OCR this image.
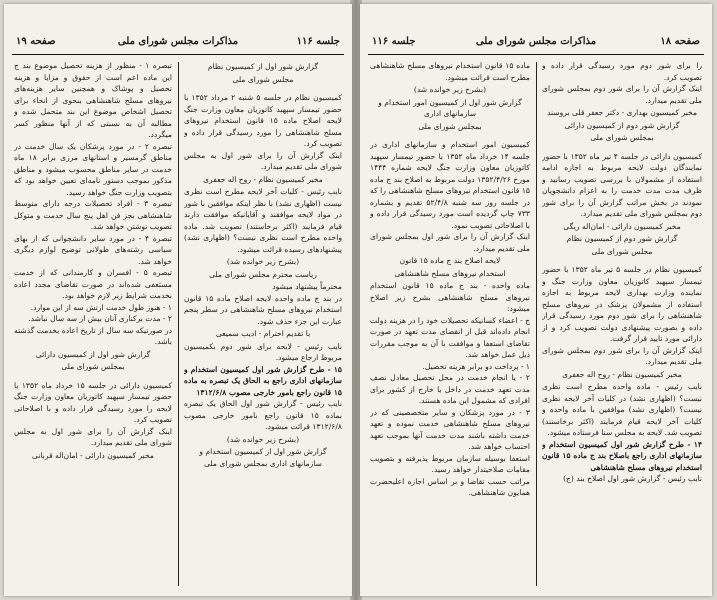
صفحه ۱۹	مذاکرات مجلس شورای ملی	جلسه ۱۱۶

گزارش شور اول از کمیسیون نظام

مجلس شورای ملی

کمیسیون نظام در جلسه ۵ شنبه ۲ مرداد ۱۳۵۲ با حضور تیمسار سپهبد کاتوزیان معاون وزارت جنگ لایحه اصلاح ماده ۱۵ قانون استخدام نیروهای مسلح شاهنشاهی را مورد رسیدگی قرار داده و تصویب کرد.

اینک گزارش آن را برای شور اول به مجلس شورای ملی تقدیم میدارد.

مخبر کمیسیون نظام - روح اله جعفری

نایب رئیس - کلیات آخر لایحه مطرح است نظری نیست (اظهاری نشد) با نظر اینکه موافقین با شور در مواد لایحه موافقند و آقایانیکه موافقت دارند قیام فرمایند (اکثر برخاستند) تصویب شد. ماده واحده مطرح است نظری نیست؟ (اظهاری نشد) پیشنهادهای رسیده قرائت میشود.

(بشرح زیر خوانده شد)

ریاست محترم مجلس شورای ملی

محترماً پیشنهاد میشود

در بند ج ماده واحده لایحه اصلاح ماده ۱۵ قانون استخدام نیروهای مسلح شاهنشاهی در سطر پنجم عبارت این جزء حذف شود.

با تقدیم احترام - ادیب سمیعی

نایب رئیس - لایحه برای شور دوم بکمیسیون مربوط ارجاع میشود.

۱۵ - طرح گزارش شور اول کمیسیون استخدام و سازمانهای اداری راجع به الحاق یک تبصره به ماده ۱۵ قانون راجع بامور خارجی مصوب ۱۳۱۲/۶/۸

نایب رئیس - گزارش شور اول الحاق یک تبصره بماده ۱۵ قانون راجع بامور خارجی مصوب ۱۳۱۲/۶/۸ قرائت میشود.

(بشرح زیر خوانده شد)

گزارش شور اول از کمیسیون استخدام و سازمانهای اداری بمجلس شورای ملی

تبصره ۱ - منظور از هزینه تحصیل موضوع بند ج این ماده اعم است از حقوق و مزایا و هزینه تحصیل و پوشاک و همچنین سایر هزینه‌های نیروهای مسلح شاهنشاهی بنحوی از انحاء برای تحصیل اشخاص موضوع این بند متحمل شده و مطالبه آن به نسبتی که از آنها منظور کسر میگردد.

تبصره ۲ - در مورد پزشکان یک سال خدمت در مناطق گرمسیر و استانهای مرزی برابر ۱۸ ماه خدمت در سایر مناطق محسوب میشود و مناطق مذکور بموجب دستور نامه‌ای تعیین خواهد بود که بتصویب وزارت جنگ خواهد رسید.

تبصره ۳ - افراد تحصیلات درجه دارای متوسط شاهنشاهی بجز فن اهل پنج سال خدمت و متوکل تصویب نوشتن خواهد شد.

تبصره ۴ - در مورد سایر دانشجوانی که از بهای سیاسی رشته‌های طولانی توضیح لوازم دیگری خواهد شد.

تبصره ۵ - افسران و کارمندانی که از خدمت مستعفی شده‌اند در صورت تقاضای مجدد اعاده بخدمت شرایط زیر لازم خواهد بود.

۱ - هنوز طول خدمت ارتش سه از این موارد.

۲ - مدت برکناری آنان بیش از سه سال نباشد.

در صورتیکه سه سال از تاریخ اعاده بخدمت گذشته باشد.

گزارش شور اول از کمیسیون دارائی

بمجلس شورای ملی

کمیسیون دارائی در جلسه ۱۵ خرداد ماه ۱۳۵۲ با حضور تیمسار سپهبد کاتوزیان معاون وزارت جنگ لایحه را مورد رسیدگی قرار داده و با اصلاحاتی تصویب کرد.

اینک گزارش آن را برای شور اول به مجلس شورای ملی تقدیم میدارد.

مخبر کمیسیون دارائی - امان‌اله قربانی

صفحه ۱۸
مذاکرات مجلس شورای ملی
جلسه ۱۱۶

را برای شور دوم مورد رسیدگی قرار داده و تصویب کرد.

اینک گزارش آن را برای شور دوم بمجلس شورای ملی تقدیم میدارد.

مخبر کمیسیون بهداری - دکتر جعفر قلی بروسند

گزارش شور دوم از کمیسیون دارائی

بمجلس شورای ملی

کمیسیون دارائی در جلسه ۴ تیر ماه ۱۳۵۲ با حضور نمایندگان دولت لایحه مربوط به اجازه ادامه استفاده از مشمولان با بررسی تصویب رسانید و ظرف مدت مدت خدمت را به اعزام دانشجویان نمودند در بخش مراتب گزارش آن را برای شور دوم بمجلس شورای ملی تقدیم میدارد.

مخبر کمیسیون دارائی - امان‌اله ریگی

گزارش شور دوم از کمیسیون نظام

مجلس شورای ملی

کمیسیون نظام در جلسه ۵ تیر ماه ۱۳۵۲ با حضور تیمسار سپهبد کاتوزیان معاون وزارت جنگ و نماینده وزارت بهداری لایحه مربوط به اجازه استفاده از مشمولان پزشک در نیروهای مسلح شاهنشاهی را برای شور دوم مورد رسیدگی قرار داده و بصورت پیشنهادی دولت تصویب کرد و از دارائی مورد تایید قرار گرفت.

اینک گزارش آن را برای شور دوم بمجلس شورای ملی تقدیم میدارد.

مخبر کمیسیون نظام - روح اله جعفری

نایب رئیس - ماده واحده مطرح است نظری نیست؟ (اظهاری نشد) در کلیات آخر لایحه نظری نیست؟ (اظهاری نشد) موافقین با ماده واحده و کلیات آخر لایحه قیام فرمایند (اکثر برخاستند) تصویب شد. لایحه به مجلس سنا فرستاده میشود.

۱۴ - طرح گزارش شور اول کمیسیون استخدام و سازمانهای اداری راجع باصلاح بند ج ماده ۱۵ قانون استخدام نیروهای مسلح شاهنشاهی

نایب رئیس - گزارش شور اول اصلاح بند (ج)

ماده ۱۵ قانون استخدام نیروهای مسلح شاهنشاهی مطرح است قرائت میشود.

(بشرح زیر خوانده شد)

گزارش شور اول از کمیسیون امور استخدام و سازمانهای اداری

بمجلس شورای ملی

کمیسیون امور استخدام و سازمانهای اداری در جلسه ۱۴ خرداد ماه ۱۳۵۲ با حضور تیمسار سپهبد کاتوزیان معاون وزارت جنگ لایحه شماره ۱۴۴۴ مورخ ۱۳۵۲/۴/۲۶ دولت مربوط به اصلاح بند ج ماده ۱۵ قانون استخدام نیروهای مسلح شاهنشاهی را که در جلسه روز سه شنبه ۵۲/۴/۸ تقدیم و بشماره ۷۳۳ چاپ گردیده است مورد رسیدگی قرار داده و با اصلاحاتی تصویب نمود.

اینک گزارش آن را برای شور اول بمجلس شورای ملی تقدیم میدارد.

لایحه اصلاح بند ج ماده ۱۵ قانون

استخدام نیروهای مسلح شاهنشاهی

ماده واحده - بند ج ماده ۱۵ قانون استخدام نیروهای مسلح شاهنشاهی بشرح زیر اصلاح میشود:

ج - اعضاء کسانیکه تحصیلات خود را در هزینه دولت انجام داده‌اند قبل از انقضای مدت تعهد در صورت تقاضای استعفا و موافقت با آن به موجب مقررات ذیل عمل خواهد شد.

۱ - پرداخت دو برابر هزینه تحصیل.

۲ - یا انجام خدمت در محل تحصیل معادل نصف مدت تعهد خدمت در داخل یا خارج از کشور برای افرادی که مشمول این ماده هستند.

۳ - در مورد پزشکان و سایر متخصصینی که در نیروهای مسلح شاهنشاهی خدمت نموده و تعهد خدمت داشته باشند مدت خدمت آنها بموجب تعهد احتساب خواهد شد.

استعفا بوسیله سازمان مربوط پذیرفته و بتصویب مقامات صلاحیتدار خواهد رسید.

مراتب حسب تقاضا و بر اساس اجازه اعلیحضرت همایون شاهنشاهی.
